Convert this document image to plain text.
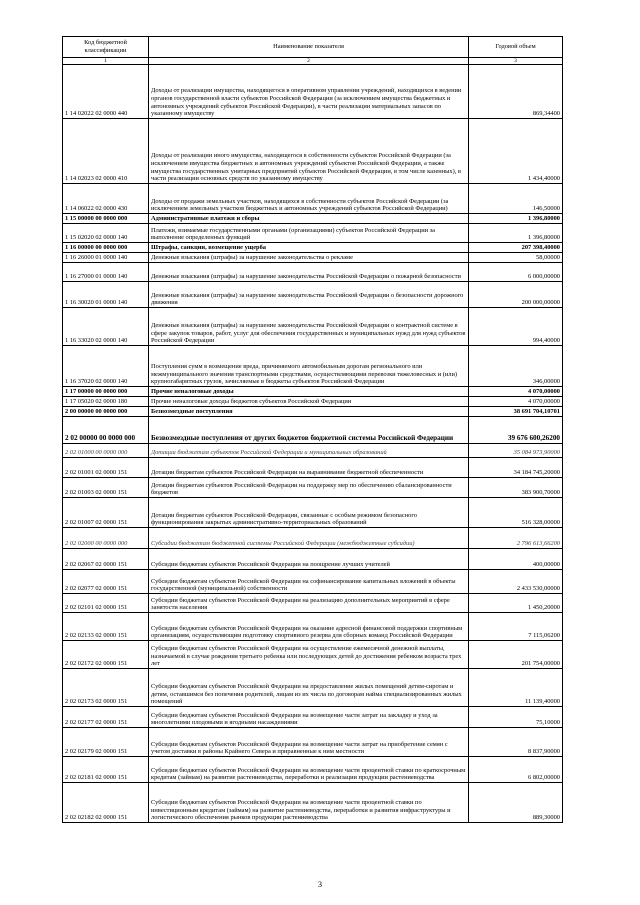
Код бюджетной классификации	Наименование показателя	Годовой объем
1	2	3
1 14 02022 02 0000 440	Доходы от реализации имущества, находящегося в оперативном управлении учреждений, находящихся в ведении органов государственной власти субъектов Российской Федерации (за исключением имущества бюджетных и автономных учреждений субъектов Российской Федерации), в части реализации материальных запасов по указанному имуществу	869,34400
1 14 02023 02 0000 410	Доходы от реализации иного имущества, находящегося в собственности субъектов Российской Федерации (за исключением имущества бюджетных и автономных учреждений субъектов Российской Федерации, а также имущества государственных унитарных предприятий субъектов Российской Федерации, в том числе казенных), в части реализации основных средств по указанному имуществу	1 434,40000
1 14 06022 02 0000 430	Доходы от продажи земельных участков, находящихся в собственности субъектов Российской Федерации (за исключением земельных участков бюджетных и автономных учреждений субъектов Российской Федерации)	146,50000
1 15 00000 00 0000 000	Административные платежи и сборы	1 396,80000
1 15 02020 02 0000 140	Платежи, взимаемые государственными органами (организациями) субъектов Российской Федерации за выполнение определенных функций	1 396,80000
1 16 00000 00 0000 000	Штрафы, санкции, возмещение ущерба	207 398,40000
1 16 26000 01 0000 140	Денежные взыскания (штрафы) за нарушение законодательства о рекламе	58,00000
1 16 27000 01 0000 140	Денежные взыскания (штрафы) за нарушение законодательства Российской Федерации о пожарной безопасности	6 000,00000
1 16 30020 01 0000 140	Денежные взыскания (штрафы) за нарушение законодательства Российской Федерации о безопасности дорожного движения	200 000,00000
1 16 33020 02 0000 140	Денежные взыскания (штрафы) за нарушение законодательства Российской Федерации о контрактной системе в сфере закупок товаров, работ, услуг для обеспечения государственных и муниципальных нужд для нужд субъектов Российской Федерации	994,40000
1 16 37020 02 0000 140	Поступления сумм в возмещение вреда, причиняемого автомобильным дорогам регионального или межмуниципального значения транспортными средствами, осуществляющими перевозки тяжеловесных и (или) крупногабаритных грузов, зачисляемые в бюджеты субъектов Российской Федерации	346,00000
1 17 00000 00 0000 000	Прочие неналоговые доходы	4 070,00000
1 17 05020 02 0000 180	Прочие неналоговые доходы бюджетов субъектов Российской Федерации	4 070,00000
2 00 00000 00 0000 000	Безвозмездные поступления	38 691 704,10701
2 02 00000 00 0000 000	Безвозмездные поступления от других бюджетов бюджетной системы Российской Федерации	39 676 600,26200
2 02 01000 00 0000 000	Дотации бюджетам субъектов Российской Федерации и муниципальных образований	35 084 973,90000
2 02 01001 02 0000 151	Дотации бюджетам субъектов Российской Федерации на выравнивание бюджетной обеспеченности	34 184 745,20000
2 02 01003 02 0000 151	Дотации бюджетам субъектов Российской Федерации на поддержку мер по обеспечению сбалансированности бюджетов	383 900,70000
2 02 01007 02 0000 151	Дотации бюджетам субъектов Российской Федерации, связанные с особым режимом безопасного функционирования закрытых административно-территориальных образований	516 328,00000
2 02 02000 00 0000 000	Субсидии бюджетам бюджетной системы Российской Федерации (межбюджетные субсидии)	2 796 613,66200
2 02 02067 02 0000 151	Субсидии бюджетам субъектов Российской Федерации на поощрение лучших учителей	400,00000
2 02 02077 02 0000 151	Субсидии бюджетам субъектов Российской Федерации на софинансирование капитальных вложений в объекты государственной (муниципальной) собственности	2 433 530,00000
2 02 02101 02 0000 151	Субсидии бюджетам субъектов Российской Федерации на реализацию дополнительных мероприятий в сфере занятости населения	1 450,20000
2 02 02133 02 0000 151	Субсидии бюджетам субъектов Российской Федерации на оказание адресной финансовой поддержки спортивным организациям, осуществляющим подготовку спортивного резерва для сборных команд Российской Федерации	7 115,06200
2 02 02172 02 0000 151	Субсидии бюджетам субъектов Российской Федерации на осуществление ежемесячной денежной выплаты, назначаемой в случае рождения третьего ребенка или последующих детей до достижения ребенком возраста трех лет	201 754,00000
2 02 02173 02 0000 151	Субсидии бюджетам субъектов Российской Федерации на предоставление жилых помещений детям-сиротам и детям, оставшимся без попечения родителей, лицам из их числа по договорам найма специализированных жилых помещений	11 139,40000
2 02 02177 02 0000 151	Субсидии бюджетам субъектов Российской Федерации на возмещение части затрат на закладку и уход за многолетними плодовыми и ягодными насаждениями	75,10000
2 02 02179 02 0000 151	Субсидии бюджетам субъектов Российской Федерации на возмещение части затрат на приобретение семян с учетом доставки в районы Крайнего Севера и приравненные к ним местности	8 837,90000
2 02 02181 02 0000 151	Субсидии бюджетам субъектов Российской Федерации на возмещение части процентной ставки по краткосрочным кредитам (займам) на развитие растениеводства, переработки и реализации продукции растениеводства	6 802,00000
2 02 02182 02 0000 151	Субсидии бюджетам субъектов Российской Федерации на возмещение части процентной ставки по инвестиционным кредитам (займам) на развитие растениеводства, переработки и развития инфраструктуры и логистического обеспечения рынков продукции растениеводства	889,30000
3
